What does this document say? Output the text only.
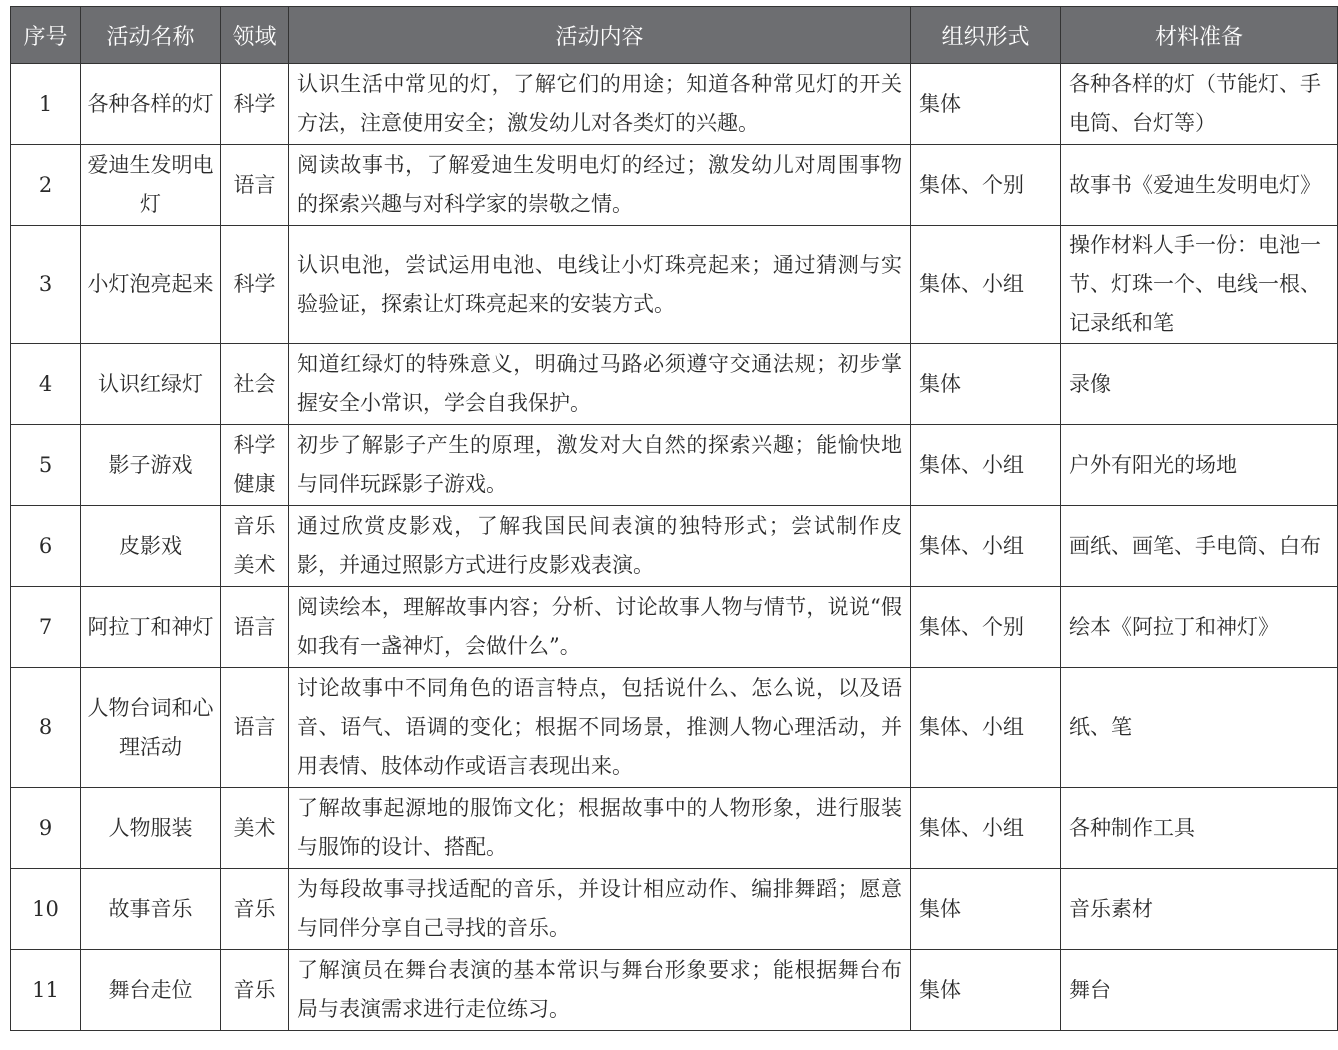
序号	活动名称	领域	活动内容	组织形式	材料准备
1	各种各样的灯	科学	认识生活中常见的灯，了解它们的用途；知道各种常见灯的开关方法，注意使用安全；激发幼儿对各类灯的兴趣。	集体	各种各样的灯（节能灯、手电筒、台灯等）
2	爱迪生发明电灯	语言	阅读故事书，了解爱迪生发明电灯的经过；激发幼儿对周围事物的探索兴趣与对科学家的崇敬之情。	集体、个别	故事书《爱迪生发明电灯》
3	小灯泡亮起来	科学	认识电池，尝试运用电池、电线让小灯珠亮起来；通过猜测与实验验证，探索让灯珠亮起来的安装方式。	集体、小组	操作材料人手一份：电池一节、灯珠一个、电线一根、记录纸和笔
4	认识红绿灯	社会	知道红绿灯的特殊意义，明确过马路必须遵守交通法规；初步掌握安全小常识，学会自我保护。	集体	录像
5	影子游戏	科学健康	初步了解影子产生的原理，激发对大自然的探索兴趣；能愉快地与同伴玩踩影子游戏。	集体、小组	户外有阳光的场地
6	皮影戏	音乐美术	通过欣赏皮影戏，了解我国民间表演的独特形式；尝试制作皮影，并通过照影方式进行皮影戏表演。	集体、小组	画纸、画笔、手电筒、白布
7	阿拉丁和神灯	语言	阅读绘本，理解故事内容；分析、讨论故事人物与情节，说说“假如我有一盏神灯，会做什么”。	集体、个别	绘本《阿拉丁和神灯》
8	人物台词和心理活动	语言	讨论故事中不同角色的语言特点，包括说什么、怎么说，以及语音、语气、语调的变化；根据不同场景，推测人物心理活动，并用表情、肢体动作或语言表现出来。	集体、小组	纸、笔
9	人物服装	美术	了解故事起源地的服饰文化；根据故事中的人物形象，进行服装与服饰的设计、搭配。	集体、小组	各种制作工具
10	故事音乐	音乐	为每段故事寻找适配的音乐，并设计相应动作、编排舞蹈；愿意与同伴分享自己寻找的音乐。	集体	音乐素材
11	舞台走位	音乐	了解演员在舞台表演的基本常识与舞台形象要求；能根据舞台布局与表演需求进行走位练习。	集体	舞台
